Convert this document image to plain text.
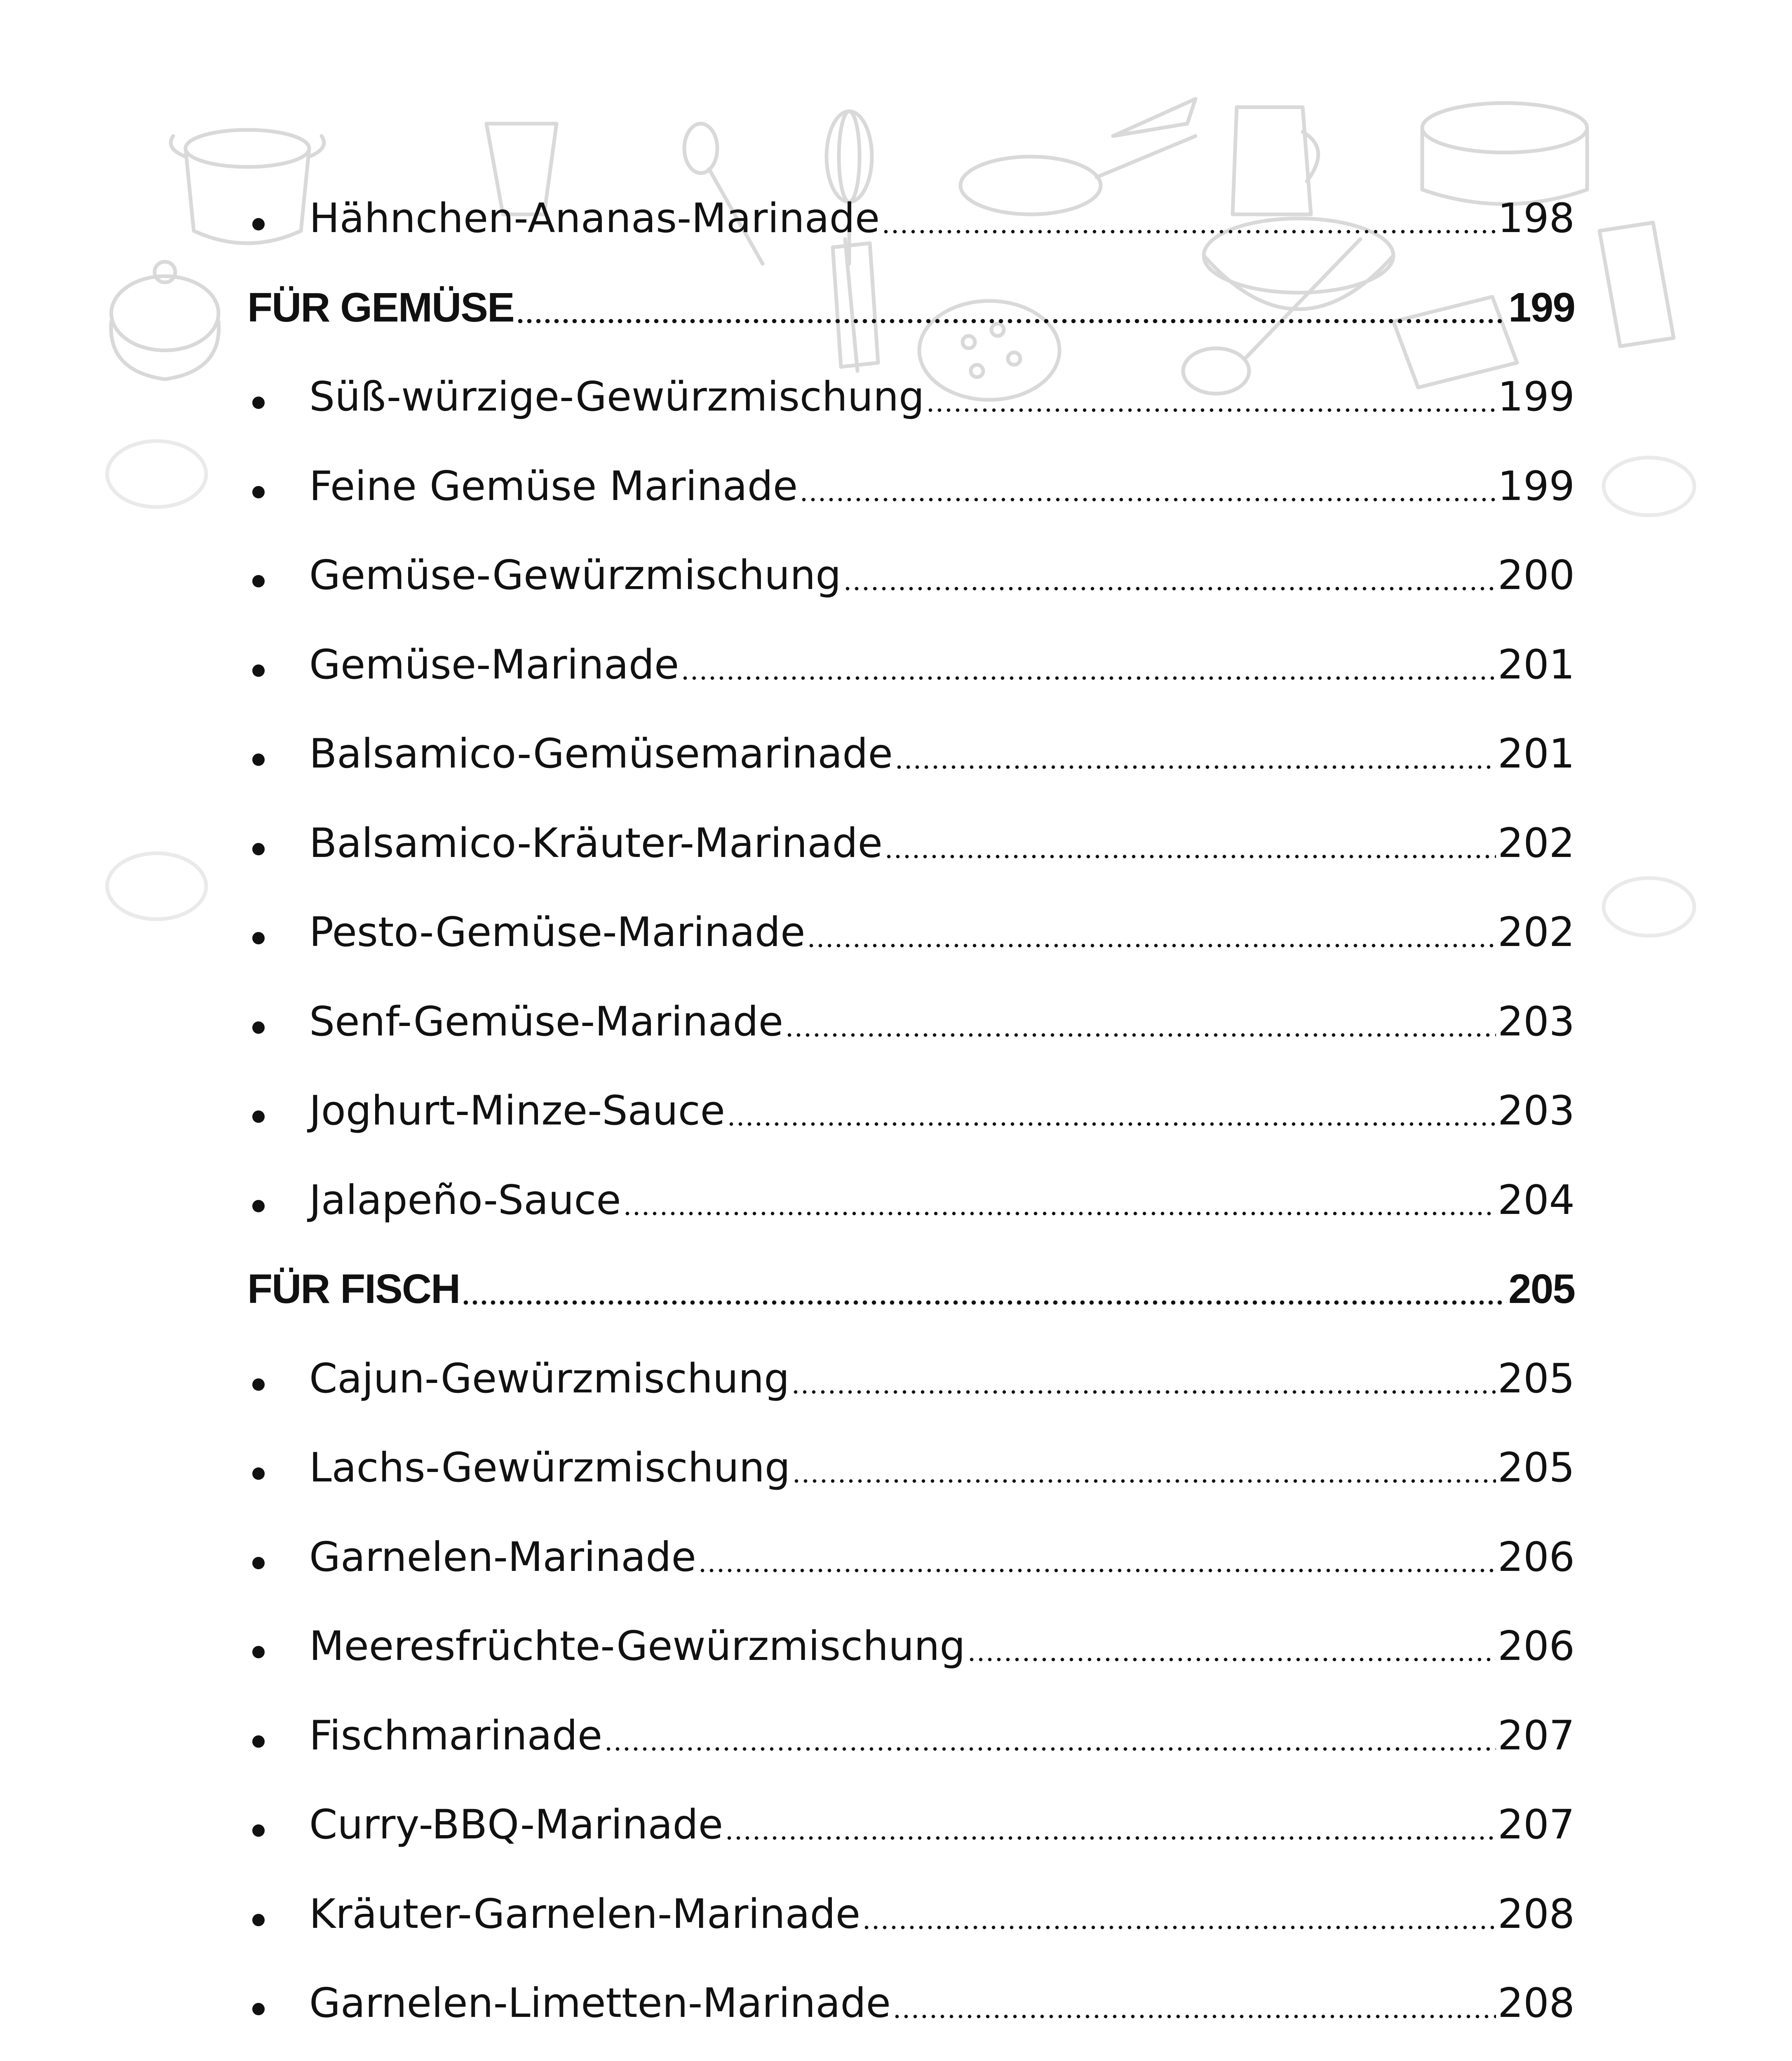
Hähnchen-Ananas-Marinade	198
FÜR GEMÜSE	199
Süß-würzige-Gewürzmischung	199
Feine Gemüse Marinade	199
Gemüse-Gewürzmischung	200
Gemüse-Marinade	201
Balsamico-Gemüsemarinade	201
Balsamico-Kräuter-Marinade	202
Pesto-Gemüse-Marinade	202
Senf-Gemüse-Marinade	203
Joghurt-Minze-Sauce	203
Jalapeño-Sauce	204
FÜR FISCH	205
Cajun-Gewürzmischung	205
Lachs-Gewürzmischung	205
Garnelen-Marinade	206
Meeresfrüchte-Gewürzmischung	206
Fischmarinade	207
Curry-BBQ-Marinade	207
Kräuter-Garnelen-Marinade	208
Garnelen-Limetten-Marinade	208
